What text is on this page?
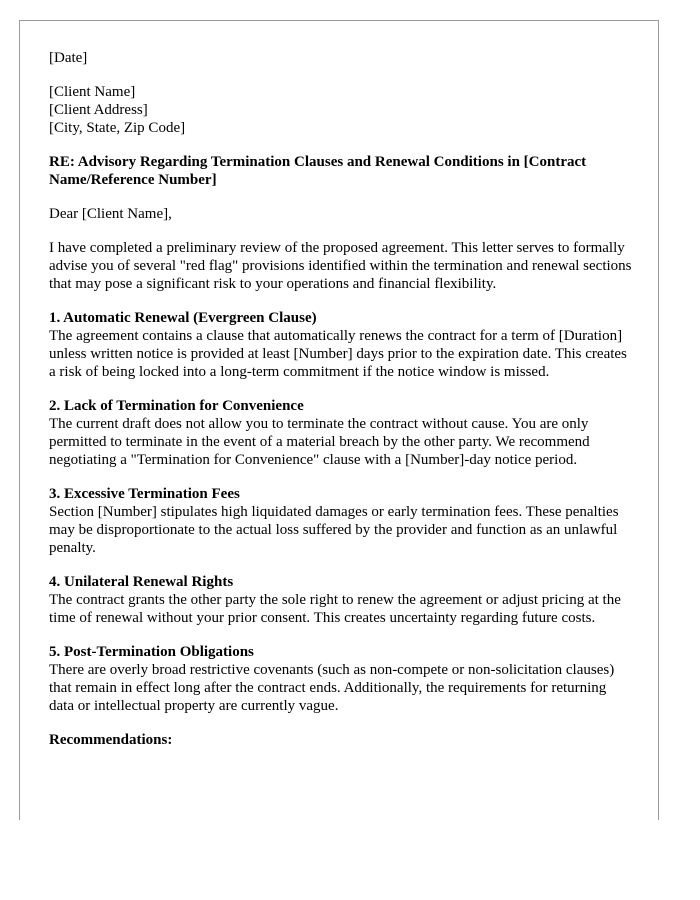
[Date]

[Client Name]

[Client Address]

[City, State, Zip Code]

RE: Advisory Regarding Termination Clauses and Renewal Conditions in [Contract Name/Reference Number]

Dear [Client Name],

I have completed a preliminary review of the proposed agreement. This letter serves to formally advise you of several "red flag" provisions identified within the termination and renewal sections that may pose a significant risk to your operations and financial flexibility.

1. Automatic Renewal (Evergreen Clause)

The agreement contains a clause that automatically renews the contract for a term of [Duration] unless written notice is provided at least [Number] days prior to the expiration date. This creates a risk of being locked into a long-term commitment if the notice window is missed.

2. Lack of Termination for Convenience

The current draft does not allow you to terminate the contract without cause. You are only permitted to terminate in the event of a material breach by the other party. We recommend negotiating a "Termination for Convenience" clause with a [Number]-day notice period.

3. Excessive Termination Fees

Section [Number] stipulates high liquidated damages or early termination fees. These penalties may be disproportionate to the actual loss suffered by the provider and function as an unlawful penalty.

4. Unilateral Renewal Rights

The contract grants the other party the sole right to renew the agreement or adjust pricing at the time of renewal without your prior consent. This creates uncertainty regarding future costs.

5. Post-Termination Obligations

There are overly broad restrictive covenants (such as non-compete or non-solicitation clauses) that remain in effect long after the contract ends. Additionally, the requirements for returning data or intellectual property are currently vague.

Recommendations:
